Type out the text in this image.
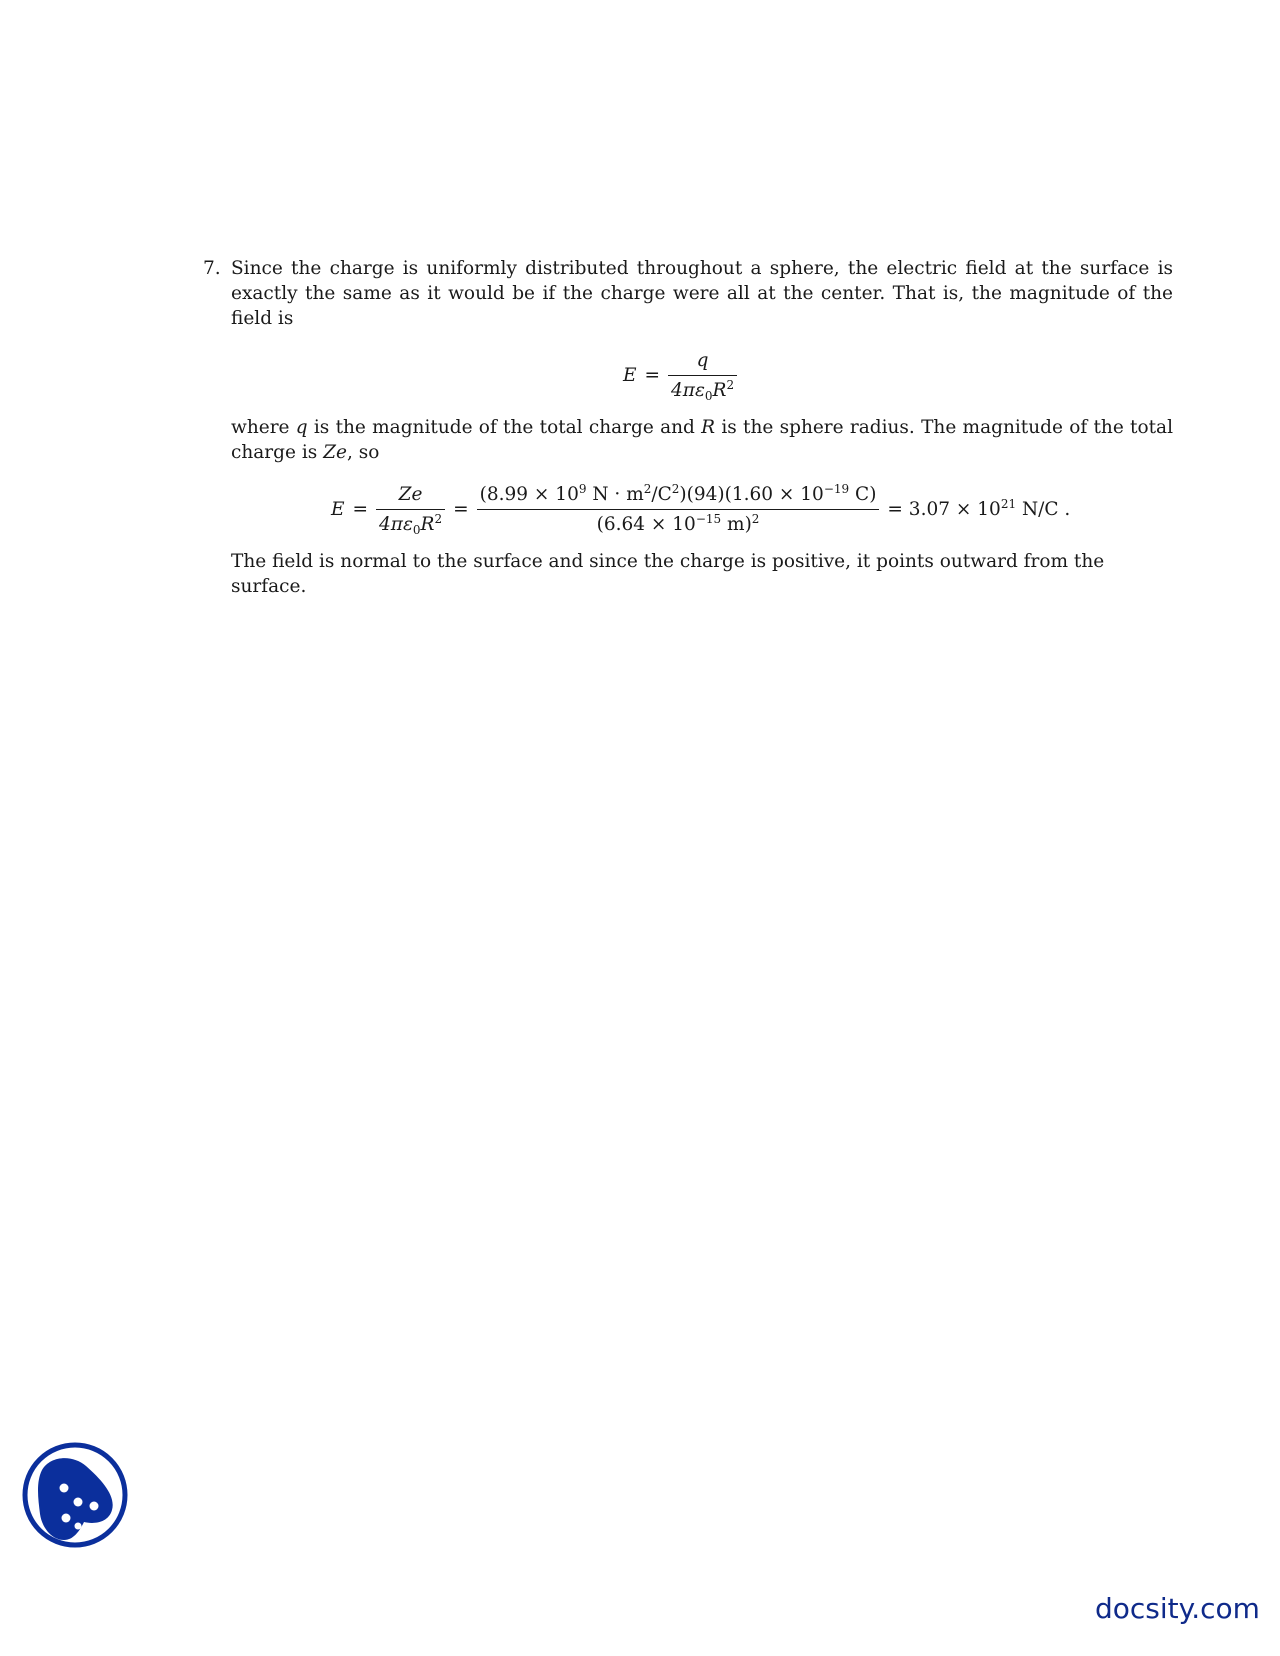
7. Since the charge is uniformly distributed throughout a sphere, the electric field at the surface is exactly the same as it would be if the charge were all at the center. That is, the magnitude of the field is

$E = \frac{q}{4\pi\varepsilon_0R^2}$

where q is the magnitude of the total charge and R is the sphere radius. The magnitude of the total charge is Ze, so

$E = \frac{Ze}{4\pi\varepsilon_0R^2} = \frac{(8.99 \times 10^9 N \cdot m^2/C^2)(94)(1.60 \times 10^{-19} C)}{(6.64 \times 10^{-15} m)^2} = 3.07 \times 10^{21}$ N/C .

The field is normal to the surface and since the charge is positive, it points outward from the surface.

docsity.com
